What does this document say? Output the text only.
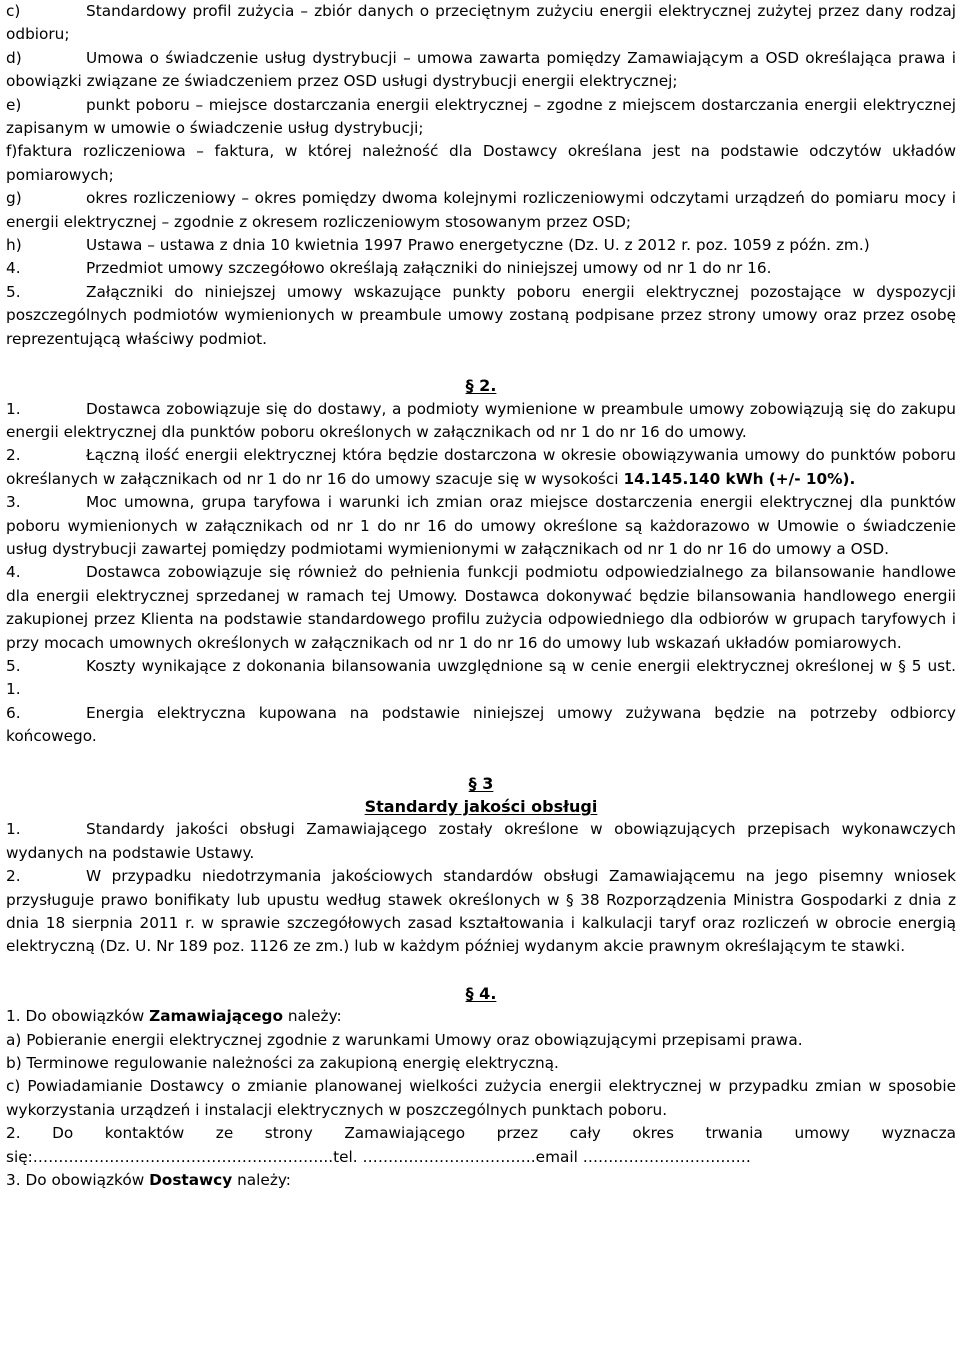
c)	Standardowy profil zużycia – zbiór danych o przeciętnym zużyciu energii elektrycznej zużytej przez dany rodzaj odbioru;

d)	Umowa o świadczenie usług dystrybucji – umowa zawarta pomiędzy Zamawiającym a OSD określająca prawa i obowiązki związane ze świadczeniem przez OSD usługi dystrybucji energii elektrycznej;

e)	punkt poboru – miejsce dostarczania energii elektrycznej – zgodne z miejscem dostarczania energii elektrycznej zapisanym w umowie o świadczenie usług dystrybucji;

f)faktura rozliczeniowa – faktura, w której należność dla Dostawcy określana jest na podstawie odczytów układów pomiarowych;

g)	okres rozliczeniowy – okres pomiędzy dwoma kolejnymi rozliczeniowymi odczytami urządzeń do pomiaru mocy i energii elektrycznej – zgodnie z okresem rozliczeniowym stosowanym przez OSD;

h)	Ustawa – ustawa z dnia 10 kwietnia 1997 Prawo energetyczne (Dz. U. z 2012 r. poz. 1059 z późn. zm.)

4.	Przedmiot umowy szczegółowo określają załączniki do niniejszej umowy od nr 1 do nr 16.

5.	Załączniki do niniejszej umowy wskazujące punkty poboru energii elektrycznej pozostające w dyspozycji poszczególnych podmiotów wymienionych w preambule umowy zostaną podpisane przez strony umowy oraz przez osobę reprezentującą właściwy podmiot.

§ 2.

1.	Dostawca zobowiązuje się do dostawy, a podmioty wymienione w preambule umowy zobowiązują się do zakupu energii elektrycznej dla punktów poboru określonych w załącznikach od nr 1 do nr 16 do umowy.

2.	Łączną ilość energii elektrycznej która będzie dostarczona w okresie obowiązywania umowy do punktów poboru określanych w załącznikach od nr 1 do nr 16 do umowy szacuje się w wysokości 14.145.140 kWh (+/- 10%).

3.	Moc umowna, grupa taryfowa i warunki ich zmian oraz miejsce dostarczenia energii elektrycznej dla punktów poboru wymienionych w załącznikach od nr 1 do nr 16 do umowy określone są każdorazowo w Umowie o świadczenie usług dystrybucji zawartej pomiędzy podmiotami wymienionymi w załącznikach od nr 1 do nr 16 do umowy a OSD.

4.	Dostawca zobowiązuje się również do pełnienia funkcji podmiotu odpowiedzialnego za bilansowanie handlowe dla energii elektrycznej sprzedanej w ramach tej Umowy. Dostawca dokonywać będzie bilansowania handlowego energii zakupionej przez Klienta na podstawie standardowego profilu zużycia odpowiedniego dla odbiorów w grupach taryfowych i przy mocach umownych określonych w załącznikach od nr 1 do nr 16 do umowy lub wskazań układów pomiarowych.

5.	Koszty wynikające z dokonania bilansowania uwzględnione są w cenie energii elektrycznej określonej w § 5 ust. 1.

6.	Energia elektryczna kupowana na podstawie niniejszej umowy zużywana będzie na potrzeby odbiorcy końcowego.

§ 3

Standardy jakości obsługi

1.	Standardy jakości obsługi Zamawiającego zostały określone w obowiązujących przepisach wykonawczych wydanych na podstawie Ustawy.

2.	W przypadku niedotrzymania jakościowych standardów obsługi Zamawiającemu na jego pisemny wniosek przysługuje prawo bonifikaty lub upustu według stawek określonych w § 38 Rozporządzenia Ministra Gospodarki z dnia z dnia 18 sierpnia 2011 r. w sprawie szczegółowych zasad kształtowania i kalkulacji taryf oraz rozliczeń w obrocie energią elektryczną (Dz. U. Nr 189 poz. 1126 ze zm.) lub w każdym później wydanym akcie prawnym określającym te stawki.

§ 4.

1. Do obowiązków Zamawiającego należy:

a) Pobieranie energii elektrycznej zgodnie z warunkami Umowy oraz obowiązującymi przepisami prawa.

b) Terminowe regulowanie należności za zakupioną energię elektryczną.

c) Powiadamianie Dostawcy o zmianie planowanej wielkości zużycia energii elektrycznej w przypadku zmian w sposobie wykorzystania urządzeń i instalacji elektrycznych w poszczególnych punktach poboru.

2. Do kontaktów ze strony Zamawiającego przez cały okres trwania umowy wyznacza się:…………………………………………………..tel. …………………………….email ……………………………

3. Do obowiązków Dostawcy należy:
